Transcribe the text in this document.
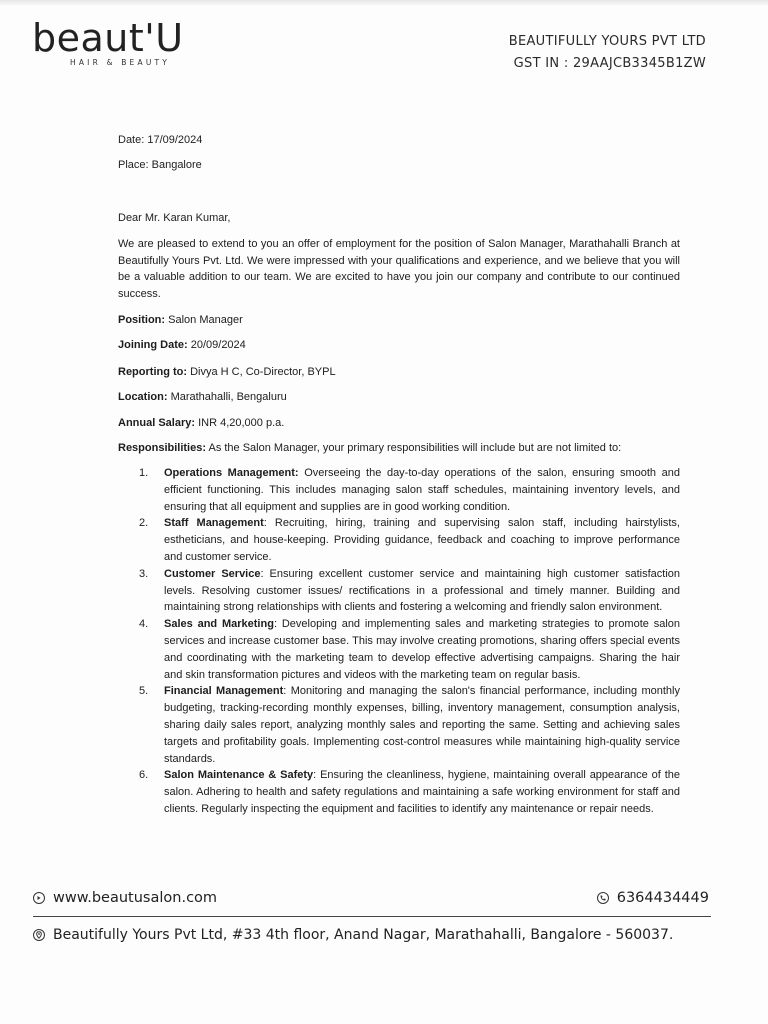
beaut'U
HAIR & BEAUTY
BEAUTIFULLY YOURS PVT LTD
GST IN : 29AAJCB3345B1ZW
Date: 17/09/2024
Place: Bangalore
Dear Mr. Karan Kumar,
We are pleased to extend to you an offer of employment for the position of Salon Manager, Marathahalli Branch at Beautifully Yours Pvt. Ltd. We were impressed with your qualifications and experience, and we believe that you will be a valuable addition to our team. We are excited to have you join our company and contribute to our continued success.
Position: Salon Manager
Joining Date: 20/09/2024
Reporting to: Divya H C, Co-Director, BYPL
Location: Marathahalli, Bengaluru
Annual Salary: INR 4,20,000 p.a.
Responsibilities: As the Salon Manager, your primary responsibilities will include but are not limited to:
1.	Operations Management: Overseeing the day-to-day operations of the salon, ensuring smooth and efficient functioning. This includes managing salon staff schedules, maintaining inventory levels, and ensuring that all equipment and supplies are in good working condition.
2.	Staff Management: Recruiting, hiring, training and supervising salon staff, including hairstylists, estheticians, and house-keeping. Providing guidance, feedback and coaching to improve performance and customer service.
3.	Customer Service: Ensuring excellent customer service and maintaining high customer satisfaction levels. Resolving customer issues/ rectifications in a professional and timely manner. Building and maintaining strong relationships with clients and fostering a welcoming and friendly salon environment.
4.	Sales and Marketing: Developing and implementing sales and marketing strategies to promote salon services and increase customer base. This may involve creating promotions, sharing offers special events and coordinating with the marketing team to develop effective advertising campaigns. Sharing the hair and skin transformation pictures and videos with the marketing team on regular basis.
5.	Financial Management: Monitoring and managing the salon's financial performance, including monthly budgeting, tracking-recording monthly expenses, billing, inventory management, consumption analysis, sharing daily sales report, analyzing monthly sales and reporting the same. Setting and achieving sales targets and profitability goals. Implementing cost-control measures while maintaining high-quality service standards.
6.	Salon Maintenance & Safety: Ensuring the cleanliness, hygiene, maintaining overall appearance of the salon. Adhering to health and safety regulations and maintaining a safe working environment for staff and clients. Regularly inspecting the equipment and facilities to identify any maintenance or repair needs.
www.beautusalon.com	6364434449
Beautifully Yours Pvt Ltd, #33 4th floor, Anand Nagar, Marathahalli, Bangalore - 560037.
